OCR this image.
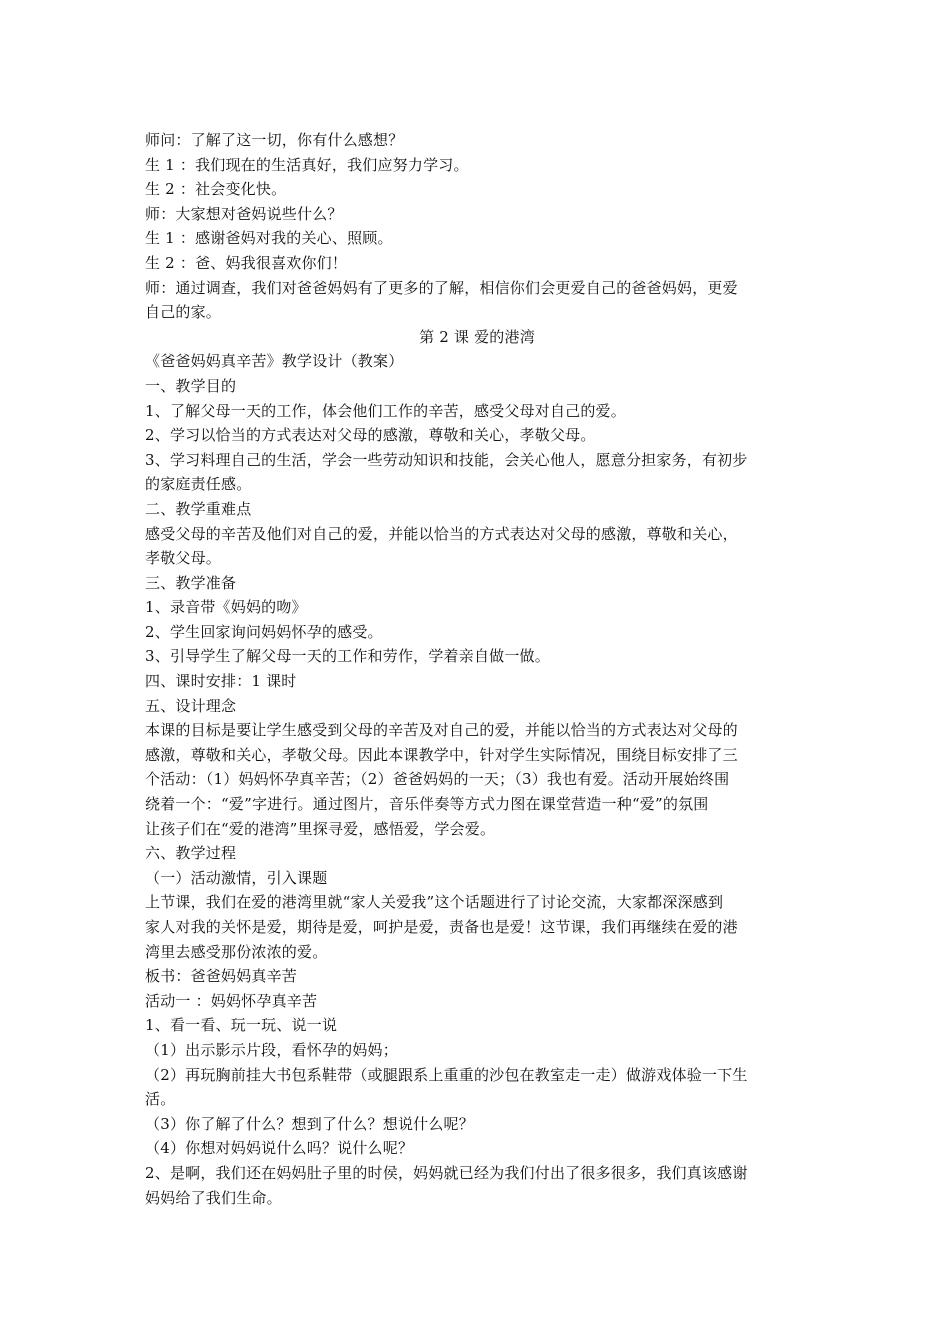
师问：了解了这一切，你有什么感想？
生 1 ：我们现在的生活真好，我们应努力学习。
生 2 ：社会变化快。
师：大家想对爸妈说些什么？
生 1 ：感谢爸妈对我的关心、照顾。
生 2 ：爸、妈我很喜欢你们！
师：通过调查，我们对爸爸妈妈有了更多的了解，相信你们会更爱自己的爸爸妈妈，更爱
自己的家。
第 2 课 爱的港湾
《爸爸妈妈真辛苦》教学设计（教案）
一、教学目的
1、了解父母一天的工作，体会他们工作的辛苦，感受父母对自己的爱。
2、学习以恰当的方式表达对父母的感激，尊敬和关心，孝敬父母。
3、学习料理自己的生活，学会一些劳动知识和技能，会关心他人，愿意分担家务，有初步
的家庭责任感。
二、教学重难点
感受父母的辛苦及他们对自己的爱，并能以恰当的方式表达对父母的感激，尊敬和关心，
孝敬父母。
三、教学准备
1、录音带《妈妈的吻》
2、学生回家询问妈妈怀孕的感受。
3、引导学生了解父母一天的工作和劳作，学着亲自做一做。
四、课时安排：1 课时
五、设计理念
本课的目标是要让学生感受到父母的辛苦及对自己的爱，并能以恰当的方式表达对父母的
感激，尊敬和关心，孝敬父母。因此本课教学中，针对学生实际情况，围绕目标安排了三
个活动：（1）妈妈怀孕真辛苦；（2）爸爸妈妈的一天；（3）我也有爱。活动开展始终围
绕着一个：“爱”字进行。通过图片，音乐伴奏等方式力图在课堂营造一种“爱”的氛围
让孩子们在“爱的港湾”里探寻爱，感悟爱，学会爱。
六、教学过程
（一）活动激情，引入课题
上节课，我们在爱的港湾里就“家人关爱我”这个话题进行了讨论交流，大家都深深感到
家人对我的关怀是爱，期待是爱，呵护是爱，责备也是爱！这节课，我们再继续在爱的港
湾里去感受那份浓浓的爱。
板书：爸爸妈妈真辛苦
活动一 ：妈妈怀孕真辛苦
1、看一看、玩一玩、说一说
（1）出示影示片段，看怀孕的妈妈；
（2）再玩胸前挂大书包系鞋带（或腿跟系上重重的沙包在教室走一走）做游戏体验一下生
活。
（3）你了解了什么？想到了什么？想说什么呢？
（4）你想对妈妈说什么吗？说什么呢？
2、是啊，我们还在妈妈肚子里的时侯，妈妈就已经为我们付出了很多很多，我们真该感谢
妈妈给了我们生命。
